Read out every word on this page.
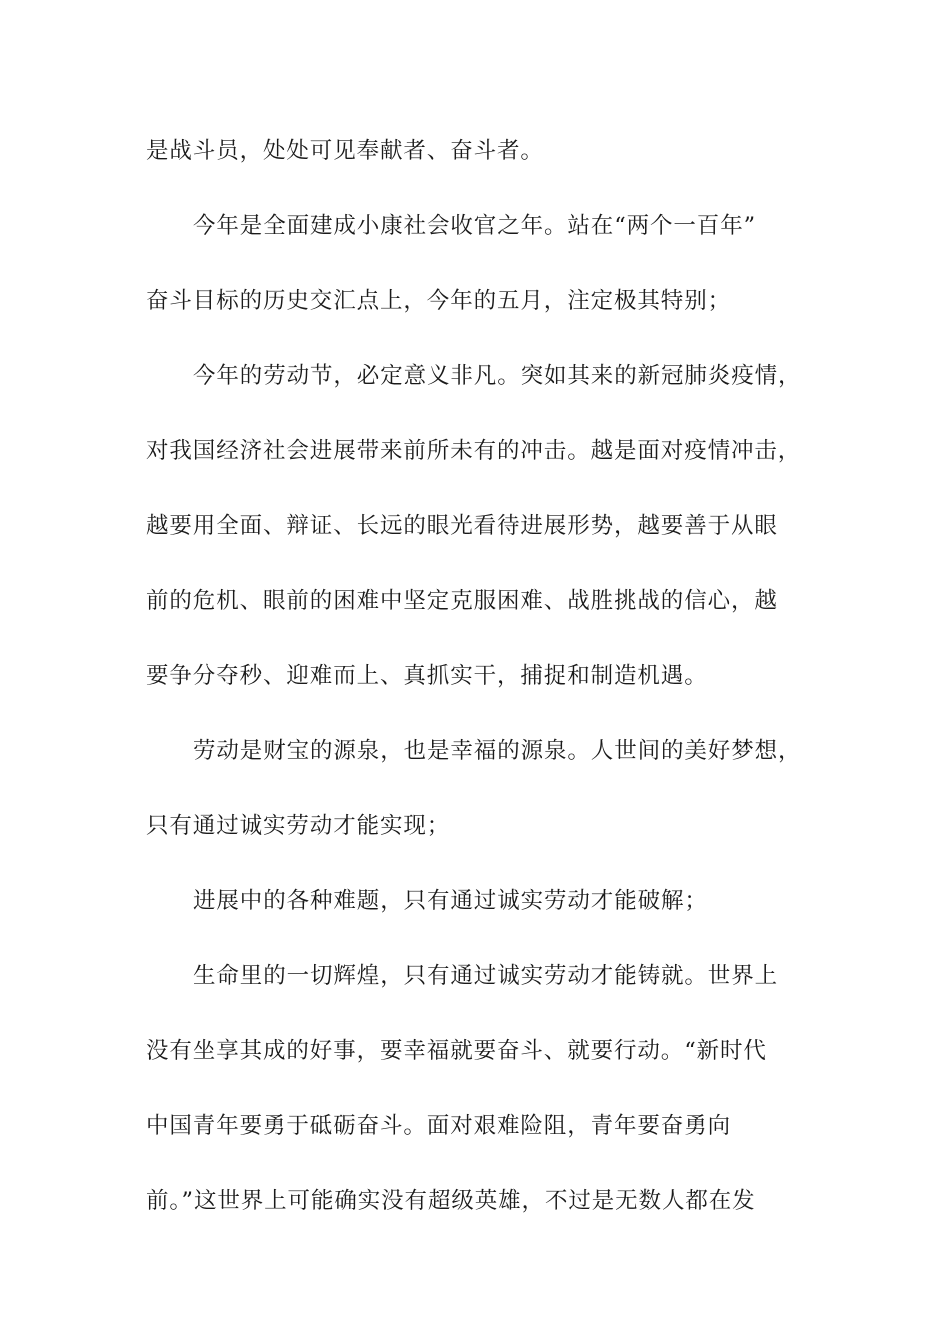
是战斗员，处处可见奉献者、奋斗者。

今年是全面建成小康社会收官之年。站在“两个一百年”

奋斗目标的历史交汇点上，今年的五月，注定极其特别；

今年的劳动节，必定意义非凡。突如其来的新冠肺炎疫情，

对我国经济社会进展带来前所未有的冲击。越是面对疫情冲击，

越要用全面、辩证、长远的眼光看待进展形势，越要善于从眼

前的危机、眼前的困难中坚定克服困难、战胜挑战的信心，越

要争分夺秒、迎难而上、真抓实干，捕捉和制造机遇。

劳动是财宝的源泉，也是幸福的源泉。人世间的美好梦想，

只有通过诚实劳动才能实现；

进展中的各种难题，只有通过诚实劳动才能破解；

生命里的一切辉煌，只有通过诚实劳动才能铸就。世界上

没有坐享其成的好事，要幸福就要奋斗、就要行动。“新时代

中国青年要勇于砥砺奋斗。面对艰难险阻，青年要奋勇向

前。”这世界上可能确实没有超级英雄，不过是无数人都在发
